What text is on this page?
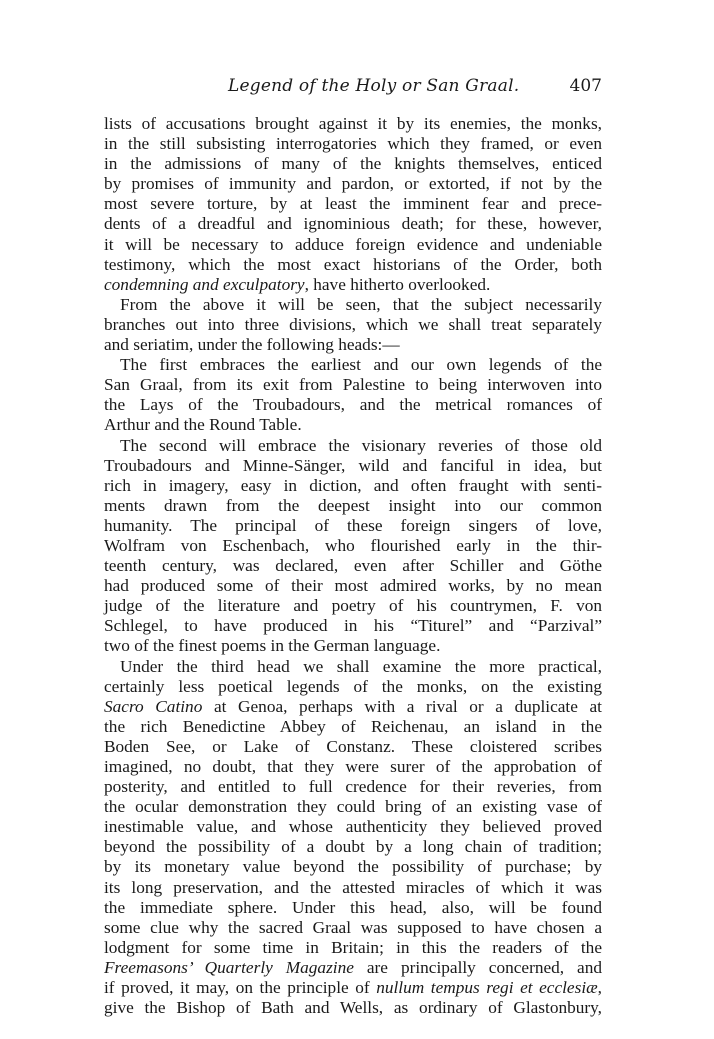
Legend of the Holy or San Graal.	407
lists of accusations brought against it by its enemies, the monks,
in the still subsisting interrogatories which they framed, or even
in the admissions of many of the knights themselves, enticed
by promises of immunity and pardon, or extorted, if not by the
most severe torture, by at least the imminent fear and prece-
dents of a dreadful and ignominious death; for these, however,
it will be necessary to adduce foreign evidence and undeniable
testimony, which the most exact historians of the Order, both
condemning and exculpatory, have hitherto overlooked.
From the above it will be seen, that the subject necessarily
branches out into three divisions, which we shall treat separately
and seriatim, under the following heads:—
The first embraces the earliest and our own legends of the
San Graal, from its exit from Palestine to being interwoven into
the Lays of the Troubadours, and the metrical romances of
Arthur and the Round Table.
The second will embrace the visionary reveries of those old
Troubadours and Minne-Sänger, wild and fanciful in idea, but
rich in imagery, easy in diction, and often fraught with senti-
ments drawn from the deepest insight into our common
humanity. The principal of these foreign singers of love,
Wolfram von Eschenbach, who flourished early in the thir-
teenth century, was declared, even after Schiller and Göthe
had produced some of their most admired works, by no mean
judge of the literature and poetry of his countrymen, F. von
Schlegel, to have produced in his “Titurel” and “Parzival”
two of the finest poems in the German language.
Under the third head we shall examine the more practical,
certainly less poetical legends of the monks, on the existing
Sacro Catino at Genoa, perhaps with a rival or a duplicate at
the rich Benedictine Abbey of Reichenau, an island in the
Boden See, or Lake of Constanz. These cloistered scribes
imagined, no doubt, that they were surer of the approbation of
posterity, and entitled to full credence for their reveries, from
the ocular demonstration they could bring of an existing vase of
inestimable value, and whose authenticity they believed proved
beyond the possibility of a doubt by a long chain of tradition;
by its monetary value beyond the possibility of purchase; by
its long preservation, and the attested miracles of which it was
the immediate sphere. Under this head, also, will be found
some clue why the sacred Graal was supposed to have chosen a
lodgment for some time in Britain; in this the readers of the
Freemasons’ Quarterly Magazine are principally concerned, and
if proved, it may, on the principle of nullum tempus regi et ecclesiæ,
give the Bishop of Bath and Wells, as ordinary of Glastonbury,
